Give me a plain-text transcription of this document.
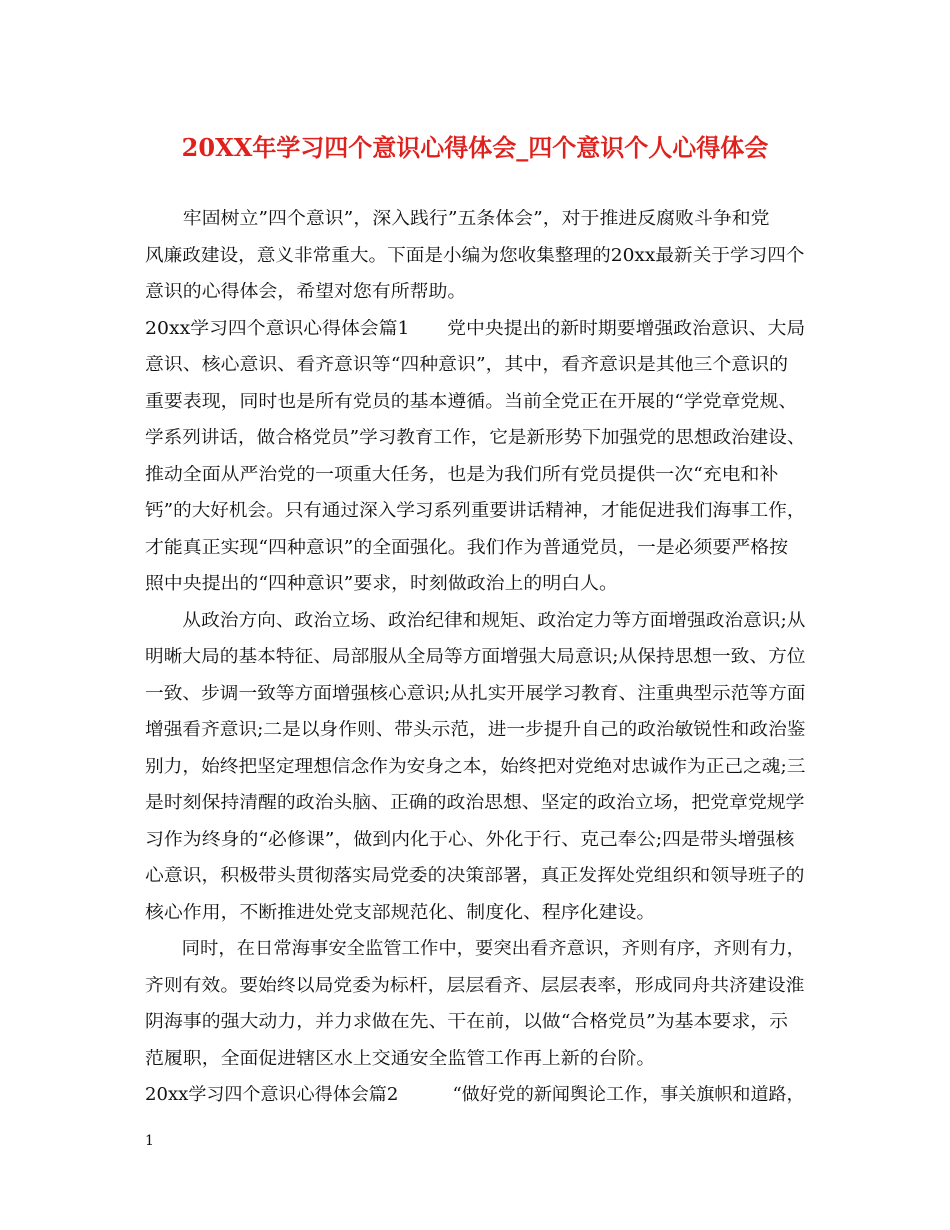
20XX年学习四个意识心得体会_四个意识个人心得体会
　　牢固树立”四个意识”，深入践行”五条体会”，对于推进反腐败斗争和党
风廉政建设，意义非常重大。下面是小编为您收集整理的20xx最新关于学习四个
意识的心得体会，希望对您有所帮助。
20xx学习四个意识心得体会篇1　　党中央提出的新时期要增强政治意识、大局
意识、核心意识、看齐意识等“四种意识”，其中，看齐意识是其他三个意识的
重要表现，同时也是所有党员的基本遵循。当前全党正在开展的“学党章党规、
学系列讲话，做合格党员”学习教育工作，它是新形势下加强党的思想政治建设、
推动全面从严治党的一项重大任务，也是为我们所有党员提供一次“充电和补
钙”的大好机会。只有通过深入学习系列重要讲话精神，才能促进我们海事工作，
才能真正实现“四种意识”的全面强化。我们作为普通党员，一是必须要严格按
照中央提出的“四种意识”要求，时刻做政治上的明白人。
　　从政治方向、政治立场、政治纪律和规矩、政治定力等方面增强政治意识;从
明晰大局的基本特征、局部服从全局等方面增强大局意识;从保持思想一致、方位
一致、步调一致等方面增强核心意识;从扎实开展学习教育、注重典型示范等方面
增强看齐意识;二是以身作则、带头示范，进一步提升自己的政治敏锐性和政治鉴
别力，始终把坚定理想信念作为安身之本，始终把对党绝对忠诚作为正己之魂;三
是时刻保持清醒的政治头脑、正确的政治思想、坚定的政治立场，把党章党规学
习作为终身的“必修课”，做到内化于心、外化于行、克己奉公;四是带头增强核
心意识，积极带头贯彻落实局党委的决策部署，真正发挥处党组织和领导班子的
核心作用，不断推进处党支部规范化、制度化、程序化建设。
　　同时，在日常海事安全监管工作中，要突出看齐意识，齐则有序，齐则有力，
齐则有效。要始终以局党委为标杆，层层看齐、层层表率，形成同舟共济建设淮
阴海事的强大动力，并力求做在先、干在前，以做“合格党员”为基本要求，示
范履职，全面促进辖区水上交通安全监管工作再上新的台阶。
20xx学习四个意识心得体会篇2　　　“做好党的新闻舆论工作，事关旗帜和道路，
1
